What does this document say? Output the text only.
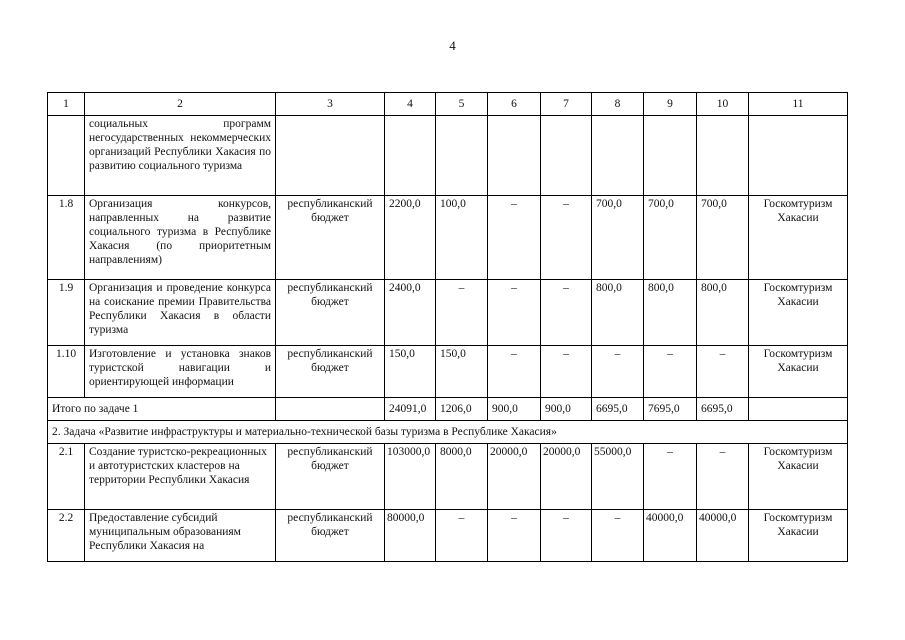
4
1	2	3	4	5	6	7	8	9	10	11
	социальных программ негосударственных некоммерческих организаций Республики Хакасия по развитию социального туризма									
1.8	Организация конкурсов, направленных на развитие социального туризма в Республике Хакасия (по приоритетным направлениям)	республиканский бюджет	2200,0	100,0	–	–	700,0	700,0	700,0	Госкомтуризм Хакасии
1.9	Организация и проведение конкурса на соискание премии Правительства Республики Хакасия в области туризма	республиканский бюджет	2400,0	–	–	–	800,0	800,0	800,0	Госкомтуризм Хакасии
1.10	Изготовление и установка знаков туристской навигации и ориентирующей информации	республиканский бюджет	150,0	150,0	–	–	–	–	–	Госкомтуризм Хакасии
Итого по задаче 1			24091,0	1206,0	900,0	900,0	6695,0	7695,0	6695,0	
2. Задача «Развитие инфраструктуры и материально-технической базы туризма в Республике Хакасия»										
2.1	Создание туристско-рекреационных и автотуристских кластеров на территории Республики Хакасия	республиканский бюджет	103000,0	8000,0	20000,0	20000,0	55000,0	–	–	Госкомтуризм Хакасии
2.2	Предоставление субсидий муниципальным образованиям Республики Хакасия на	республиканский бюджет	80000,0	–	–	–	–	40000,0	40000,0	Госкомтуризм Хакасии
